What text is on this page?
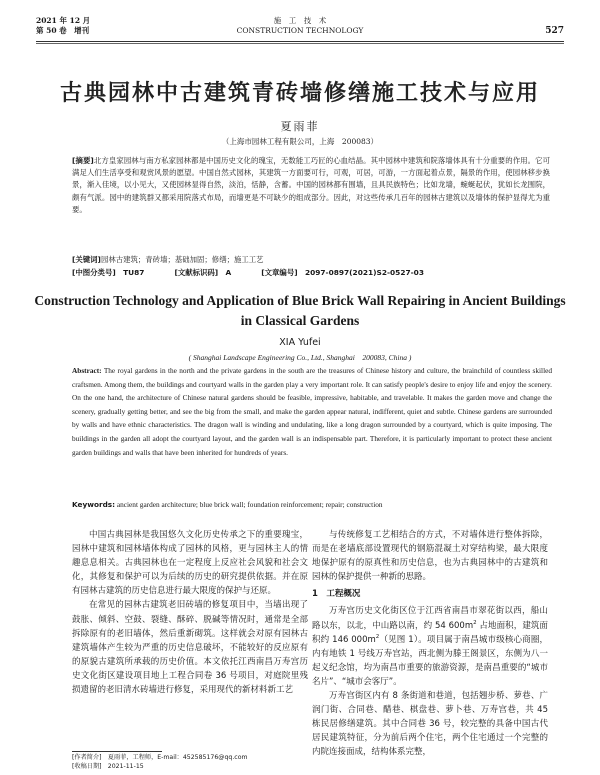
2021 年 12 月
第 50 卷　增刊
施　工　技　术
CONSTRUCTION TECHNOLOGY	527
古典园林中古建筑青砖墙修缮施工技术与应用
夏雨菲
（上海市园林工程有限公司，上海　200083）
[摘要]北方皇家园林与南方私家园林都是中国历史文化的瑰宝，无数能工巧匠的心血结晶。其中园林中建筑和院落墙体具有十分重要的作用。它可满足人们生活享受和观赏风景的愿望。中国自然式园林，其建筑一方面要可行，可观，可居，可游，一方面起着点景，隔景的作用，使园林移步换景，渐入佳境，以小见大，又使园林显得自然，淡泊，恬静，含蓄。中国的园林都有围墙，且具民族特色；比如龙墙，蜿蜒起伏，犹如长龙围院，颇有气派。园中的建筑群又都采用院落式布局，而墙更是不可缺少的组成部分。因此，对这些传承几百年的园林古建筑以及墙体的保护显得尤为重要。
[关键词]园林古建筑；青砖墙；基础加固；修缮；施工工艺
[中图分类号]　TU87	[文献标识码]　A	[文章编号]　2097-0897(2021)S2-0527-03
Construction Technology and Application of Blue Brick Wall Repairing in Ancient Buildings in Classical Gardens
XIA Yufei
( Shanghai Landscape Engineering Co., Ltd., Shanghai　200083, China )
Abstract: The royal gardens in the north and the private gardens in the south are the treasures of Chinese history and culture, the brainchild of countless skilled craftsmen. Among them, the buildings and courtyard walls in the garden play a very important role. It can satisfy people's desire to enjoy life and enjoy the scenery. On the one hand, the architecture of Chinese natural gardens should be feasible, impressive, habitable, and travelable. It makes the garden move and change the scenery, gradually getting better, and see the big from the small, and make the garden appear natural, indifferent, quiet and subtle. Chinese gardens are surrounded by walls and have ethnic characteristics. The dragon wall is winding and undulating, like a long dragon surrounded by a courtyard, which is quite imposing. The buildings in the garden all adopt the courtyard layout, and the garden wall is an indispensable part. Therefore, it is particularly important to protect these ancient garden buildings and walls that have been inherited for hundreds of years.
Keywords: ancient garden architecture; blue brick wall; foundation reinforcement; repair; construction

中国古典园林是我国悠久文化历史传承之下的重要瑰宝，园林中建筑和园林墙体构成了园林的风格，更与园林主人的情趣息息相关。古典园林也在一定程度上反应社会风貌和社会文化，其修复和保护可以为后续的历史的研究提供依据。并在原有园林古建筑的历史信息进行最大限度的保护与还原。

在常见的园林古建筑老旧砖墙的修复项目中，当墙出现了鼓胀、倾斜、空鼓、裂缝、酥碎、脱碱等情况时，通常是全部拆除原有的老旧墙体，然后重新砌筑。这样就会对原有园林古建筑墙体产生较为严重的历史信息破坏，不能较好的反应原有的原貌古建筑所承载的历史价值。本文依托江西南昌万寿宫历史文化街区建设项目地上工程合同卷 36 号项目，对庭院里残损遗留的老旧清水砖墙进行修复，采用现代的新材料新工艺

与传统修复工艺相结合的方式，不对墙体进行整体拆除，而是在老墙底部设置现代的钢筋混凝土对穿结构梁，最大限度地保护原有的原真性和历史信息，也为古典园林中的古建筑和园林的保护提供一种新的思路。

1　工程概况

万寿宫历史文化街区位于江西省南昌市翠花街以西，船山路以东，以北，中山路以南，约 54 $600m^2$ 占地面积，建筑面积约 146 $000m^2$（见图 1）。项目属于南昌城市级核心商圈，内有地铁 1 号线万寿宫站，西北侧为滕王阁景区，东侧为八一起义纪念馆，均为南昌市重要的旅游资源，是南昌重要的“城市名片”、“城市会客厅”。

万寿宫街区内有 8 条街道和巷道，包括翘步桥、萝巷、广润门街、合同巷、醋巷、棋盘巷、萝卜巷、万寿宫巷，共 45 栋民居修缮建筑。其中合同巷 36 号，较完整的具备中国古代居民建筑特征，分为前后两个住宅，两个住宅通过一个完整的内院连接面成，结构体系完整，

[作者简介]　夏雨菲，工程师，E-mail：452585176@qq.com
[收稿日期]　2021-11-15
